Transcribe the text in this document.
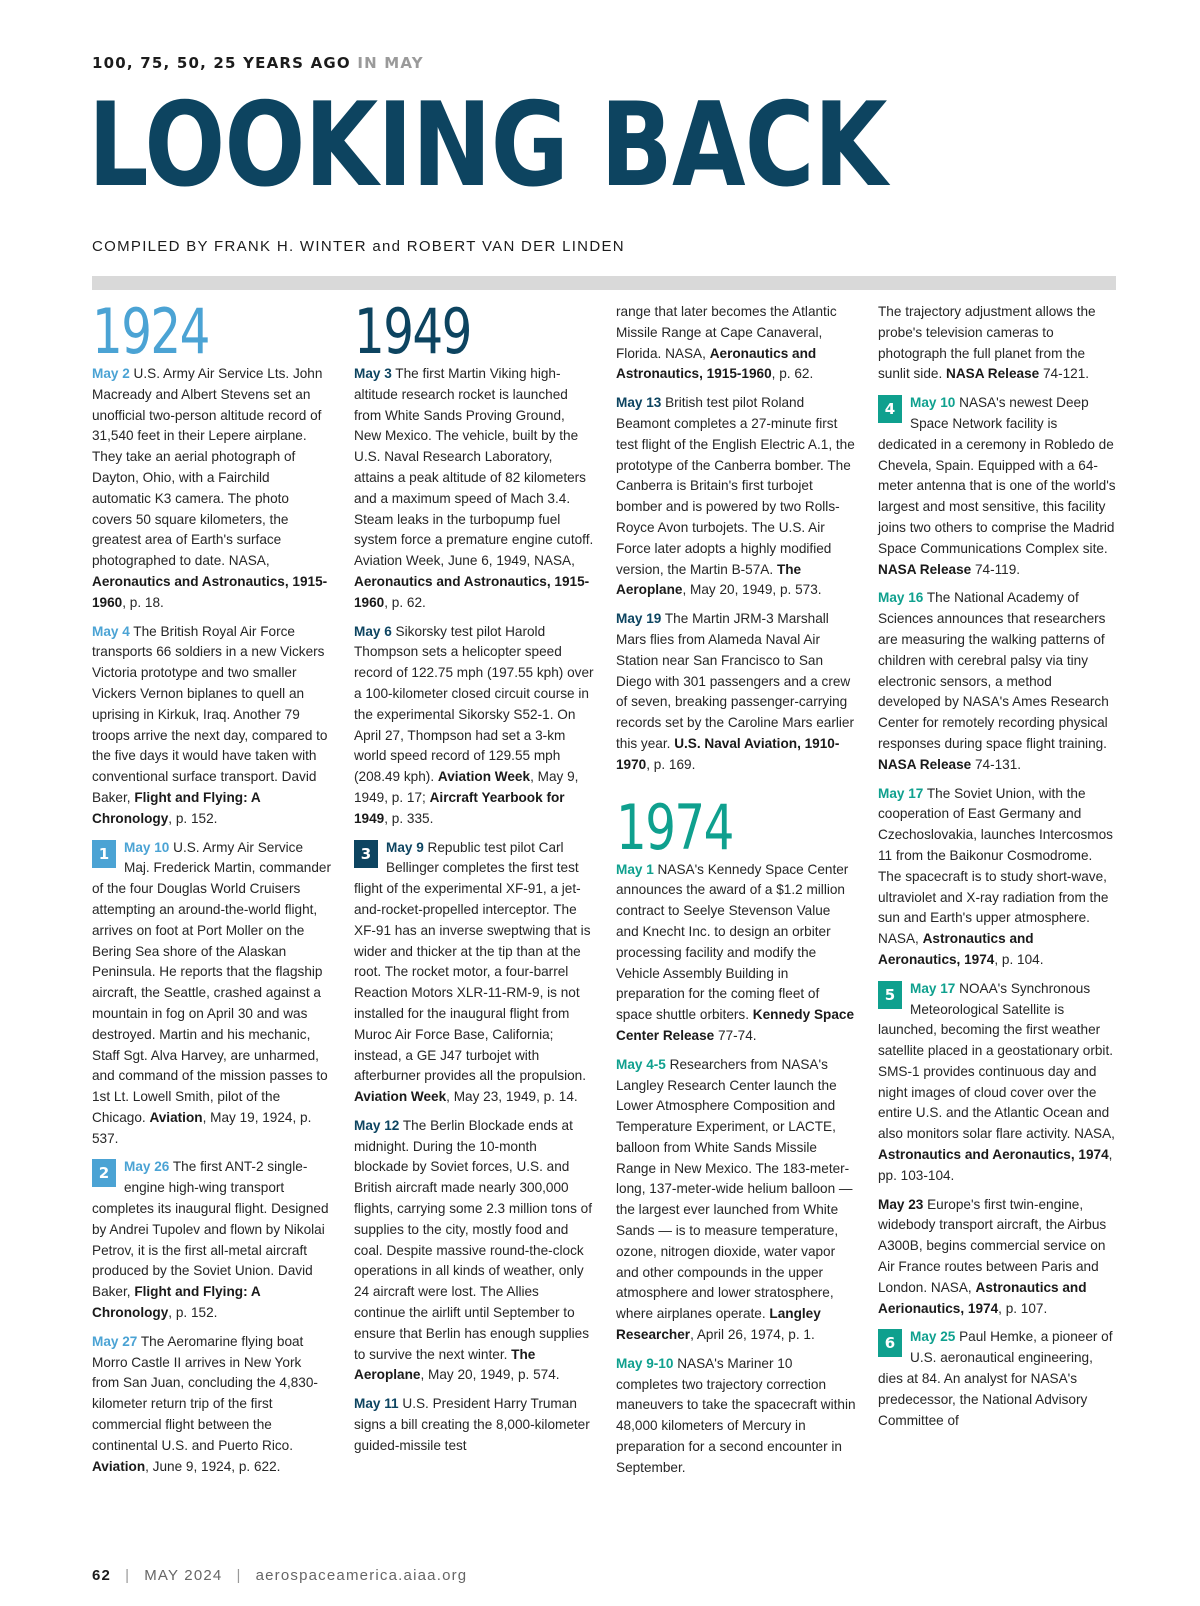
100, 75, 50, 25 YEARS AGO IN MAY
LOOKING BACK
COMPILED BY FRANK H. WINTER and ROBERT VAN DER LINDEN
1924

May 2 U.S. Army Air Service Lts. John Macready and Albert Stevens set an unofficial two-person altitude record of 31,540 feet in their Lepere airplane. They take an aerial photograph of Dayton, Ohio, with a Fairchild automatic K3 camera. The photo covers 50 square kilometers, the greatest area of Earth's surface photographed to date. NASA, Aeronautics and Astronautics, 1915-1960, p. 18.

May 4 The British Royal Air Force transports 66 soldiers in a new Vickers Victoria prototype and two smaller Vickers Vernon biplanes to quell an uprising in Kirkuk, Iraq. Another 79 troops arrive the next day, compared to the five days it would have taken with conventional surface transport. David Baker, Flight and Flying: A Chronology, p. 152.

1	May 10 U.S. Army Air Service Maj. Frederick Martin, commander of the four Douglas World Cruisers attempting an around-the-world flight, arrives on foot at Port Moller on the Bering Sea shore of the Alaskan Peninsula. He reports that the flagship aircraft, the Seattle, crashed against a mountain in fog on April 30 and was destroyed. Martin and his mechanic, Staff Sgt. Alva Harvey, are unharmed, and command of the mission passes to 1st Lt. Lowell Smith, pilot of the Chicago. Aviation, May 19, 1924, p. 537.

2	May 26 The first ANT-2 single-engine high-wing transport completes its inaugural flight. Designed by Andrei Tupolev and flown by Nikolai Petrov, it is the first all-metal aircraft produced by the Soviet Union. David Baker, Flight and Flying: A Chronology, p. 152.

May 27 The Aeromarine flying boat Morro Castle II arrives in New York from San Juan, concluding the 4,830-kilometer return trip of the first commercial flight between the continental U.S. and Puerto Rico. Aviation, June 9, 1924, p. 622.

1949

May 3 The first Martin Viking high-altitude research rocket is launched from White Sands Proving Ground, New Mexico. The vehicle, built by the U.S. Naval Research Laboratory, attains a peak altitude of 82 kilometers and a maximum speed of Mach 3.4. Steam leaks in the turbopump fuel system force a premature engine cutoff. Aviation Week, June 6, 1949, NASA, Aeronautics and Astronautics, 1915-1960, p. 62.

May 6 Sikorsky test pilot Harold Thompson sets a helicopter speed record of 122.75 mph (197.55 kph) over a 100-kilometer closed circuit course in the experimental Sikorsky S52-1. On April 27, Thompson had set a 3-km world speed record of 129.55 mph (208.49 kph). Aviation Week, May 9, 1949, p. 17; Aircraft Yearbook for 1949, p. 335.

3	May 9 Republic test pilot Carl Bellinger completes the first test flight of the experimental XF-91, a jet-and-rocket-propelled interceptor. The XF-91 has an inverse sweptwing that is wider and thicker at the tip than at the root. The rocket motor, a four-barrel Reaction Motors XLR-11-RM-9, is not installed for the inaugural flight from Muroc Air Force Base, California; instead, a GE J47 turbojet with afterburner provides all the propulsion. Aviation Week, May 23, 1949, p. 14.

May 12 The Berlin Blockade ends at midnight. During the 10-month blockade by Soviet forces, U.S. and British aircraft made nearly 300,000 flights, carrying some 2.3 million tons of supplies to the city, mostly food and coal. Despite massive round-the-clock operations in all kinds of weather, only 24 aircraft were lost. The Allies continue the airlift until September to ensure that Berlin has enough supplies to survive the next winter. The Aeroplane, May 20, 1949, p. 574.

May 11 U.S. President Harry Truman signs a bill creating the 8,000-kilometer guided-missile test

range that later becomes the Atlantic Missile Range at Cape Canaveral, Florida. NASA, Aeronautics and Astronautics, 1915-1960, p. 62.

May 13 British test pilot Roland Beamont completes a 27-minute first test flight of the English Electric A.1, the prototype of the Canberra bomber. The Canberra is Britain's first turbojet bomber and is powered by two Rolls-Royce Avon turbojets. The U.S. Air Force later adopts a highly modified version, the Martin B-57A. The Aeroplane, May 20, 1949, p. 573.

May 19 The Martin JRM-3 Marshall Mars flies from Alameda Naval Air Station near San Francisco to San Diego with 301 passengers and a crew of seven, breaking passenger-carrying records set by the Caroline Mars earlier this year. U.S. Naval Aviation, 1910-1970, p. 169.

1974

May 1 NASA's Kennedy Space Center announces the award of a $1.2 million contract to Seelye Stevenson Value and Knecht Inc. to design an orbiter processing facility and modify the Vehicle Assembly Building in preparation for the coming fleet of space shuttle orbiters. Kennedy Space Center Release 77-74.

May 4-5 Researchers from NASA's Langley Research Center launch the Lower Atmosphere Composition and Temperature Experiment, or LACTE, balloon from White Sands Missile Range in New Mexico. The 183-meter-long, 137-meter-wide helium balloon — the largest ever launched from White Sands — is to measure temperature, ozone, nitrogen dioxide, water vapor and other compounds in the upper atmosphere and lower stratosphere, where airplanes operate. Langley Researcher, April 26, 1974, p. 1.

May 9-10 NASA's Mariner 10 completes two trajectory correction maneuvers to take the spacecraft within 48,000 kilometers of Mercury in preparation for a second encounter in September.

The trajectory adjustment allows the probe's television cameras to photograph the full planet from the sunlit side. NASA Release 74-121.

4	May 10 NASA's newest Deep Space Network facility is dedicated in a ceremony in Robledo de Chevela, Spain. Equipped with a 64-meter antenna that is one of the world's largest and most sensitive, this facility joins two others to comprise the Madrid Space Communications Complex site. NASA Release 74-119.

May 16 The National Academy of Sciences announces that researchers are measuring the walking patterns of children with cerebral palsy via tiny electronic sensors, a method developed by NASA's Ames Research Center for remotely recording physical responses during space flight training. NASA Release 74-131.

May 17 The Soviet Union, with the cooperation of East Germany and Czechoslovakia, launches Intercosmos 11 from the Baikonur Cosmodrome. The spacecraft is to study short-wave, ultraviolet and X-ray radiation from the sun and Earth's upper atmosphere. NASA, Astronautics and Aeronautics, 1974, p. 104.

5	May 17 NOAA's Synchronous Meteorological Satellite is launched, becoming the first weather satellite placed in a geostationary orbit. SMS-1 provides continuous day and night images of cloud cover over the entire U.S. and the Atlantic Ocean and also monitors solar flare activity. NASA, Astronautics and Aeronautics, 1974, pp. 103-104.

May 23 Europe's first twin-engine, widebody transport aircraft, the Airbus A300B, begins commercial service on Air France routes between Paris and London. NASA, Astronautics and Aerionautics, 1974, p. 107.

6	May 25 Paul Hemke, a pioneer of U.S. aeronautical engineering, dies at 84. An analyst for NASA's predecessor, the National Advisory Committee of

62 | MAY 2024 | aerospaceamerica.aiaa.org
